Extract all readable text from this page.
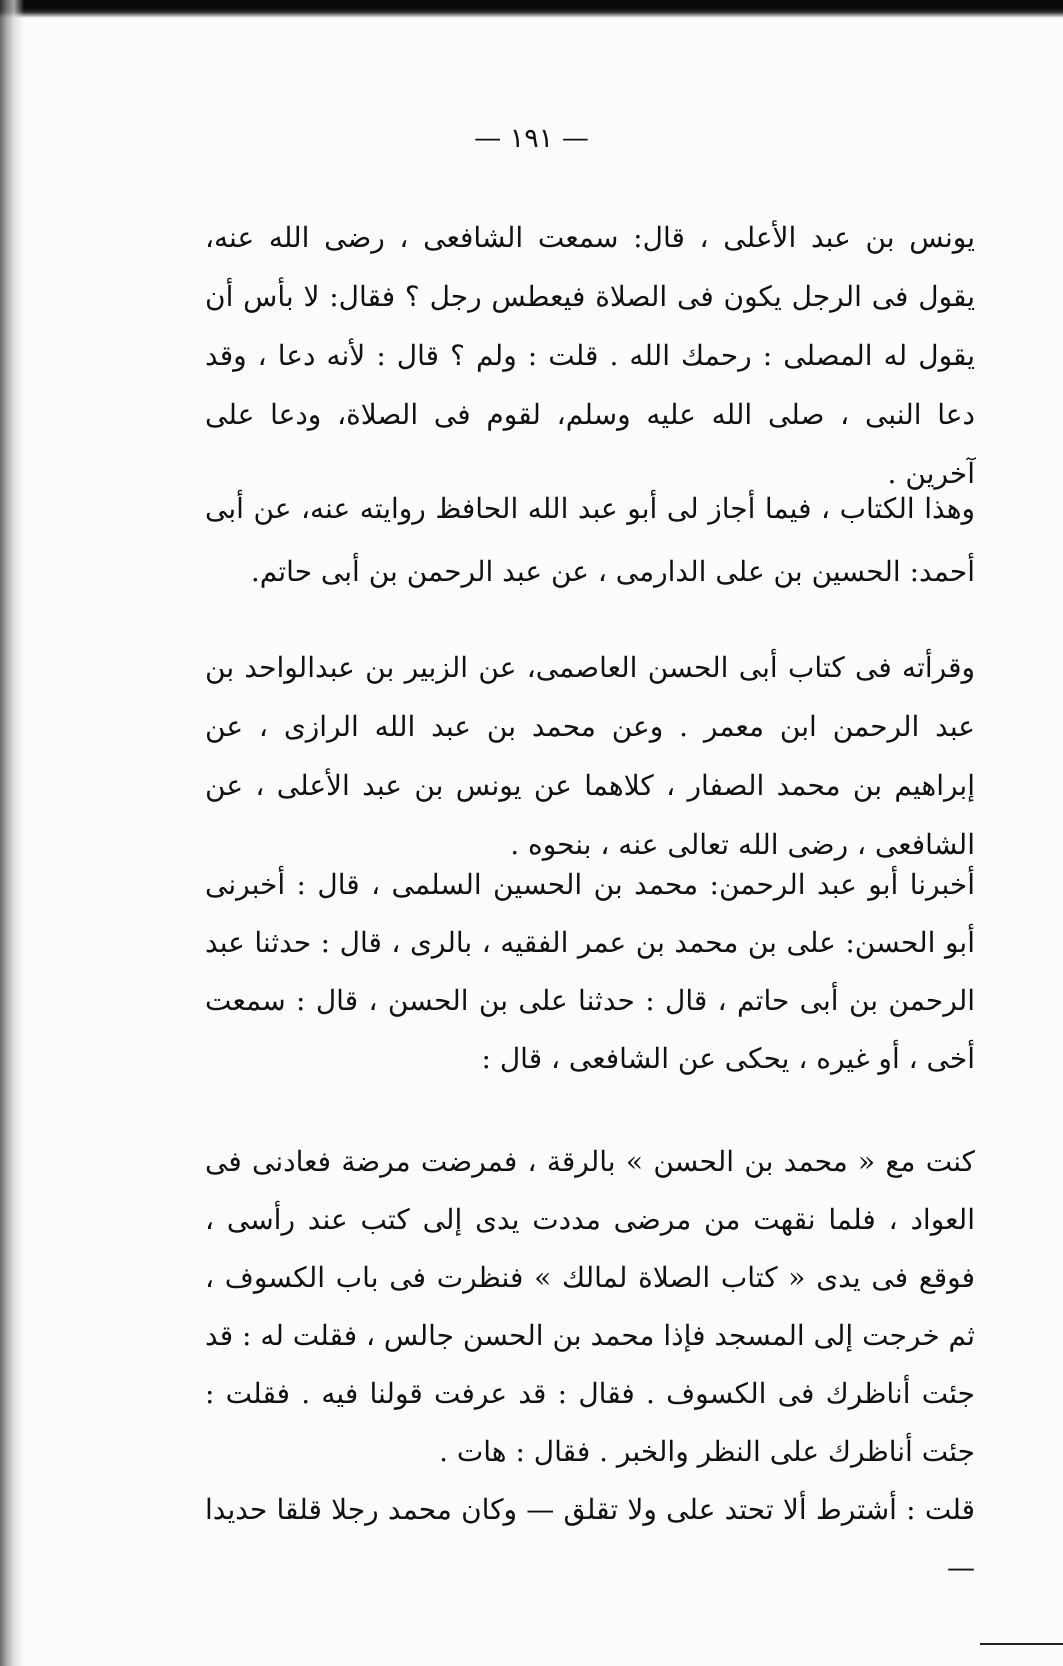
— ١٩١ —
يونس بن عبد الأعلى ، قال: سمعت الشافعى ، رضى الله عنه، يقول فى الرجل يكون فى الصلاة فيعطس رجل ؟ فقال: لا بأس أن يقول له المصلى : رحمك الله . قلت : ولم ؟ قال : لأنه دعا ، وقد دعا النبى ، صلى الله عليه وسلم، لقوم فى الصلاة، ودعا على آخرين .
وهذا الكتاب ، فيما أجاز لى أبو عبد الله الحافظ روايته عنه، عن أبى أحمد: الحسين بن على الدارمى ، عن عبد الرحمن بن أبى حاتم.
وقرأته فى كتاب أبى الحسن العاصمى، عن الزبير بن عبدالواحد بن عبد الرحمن ابن معمر . وعن محمد بن عبد الله الرازى ، عن إبراهيم بن محمد الصفار ، كلاهما عن يونس بن عبد الأعلى ، عن الشافعى ، رضى الله تعالى عنه ، بنحوه .
أخبرنا أبو عبد الرحمن: محمد بن الحسين السلمى ، قال : أخبرنى أبو الحسن: على بن محمد بن عمر الفقيه ، بالرى ، قال : حدثنا عبد الرحمن بن أبى حاتم ، قال : حدثنا على بن الحسن ، قال : سمعت أخى ، أو غيره ، يحكى عن الشافعى ، قال :
كنت مع « محمد بن الحسن » بالرقة ، فمرضت مرضة فعادنى فى العواد ، فلما نقهت من مرضى مددت يدى إلى كتب عند رأسى ، فوقع فى يدى « كتاب الصلاة لمالك » فنظرت فى باب الكسوف ، ثم خرجت إلى المسجد فإذا محمد بن الحسن جالس ، فقلت له : قد جئت أناظرك فى الكسوف . فقال : قد عرفت قولنا فيه . فقلت : جئت أناظرك على النظر والخبر . فقال : هات .
قلت : أشترط ألا تحتد على ولا تقلق — وكان محمد رجلا قلقا حديدا —
